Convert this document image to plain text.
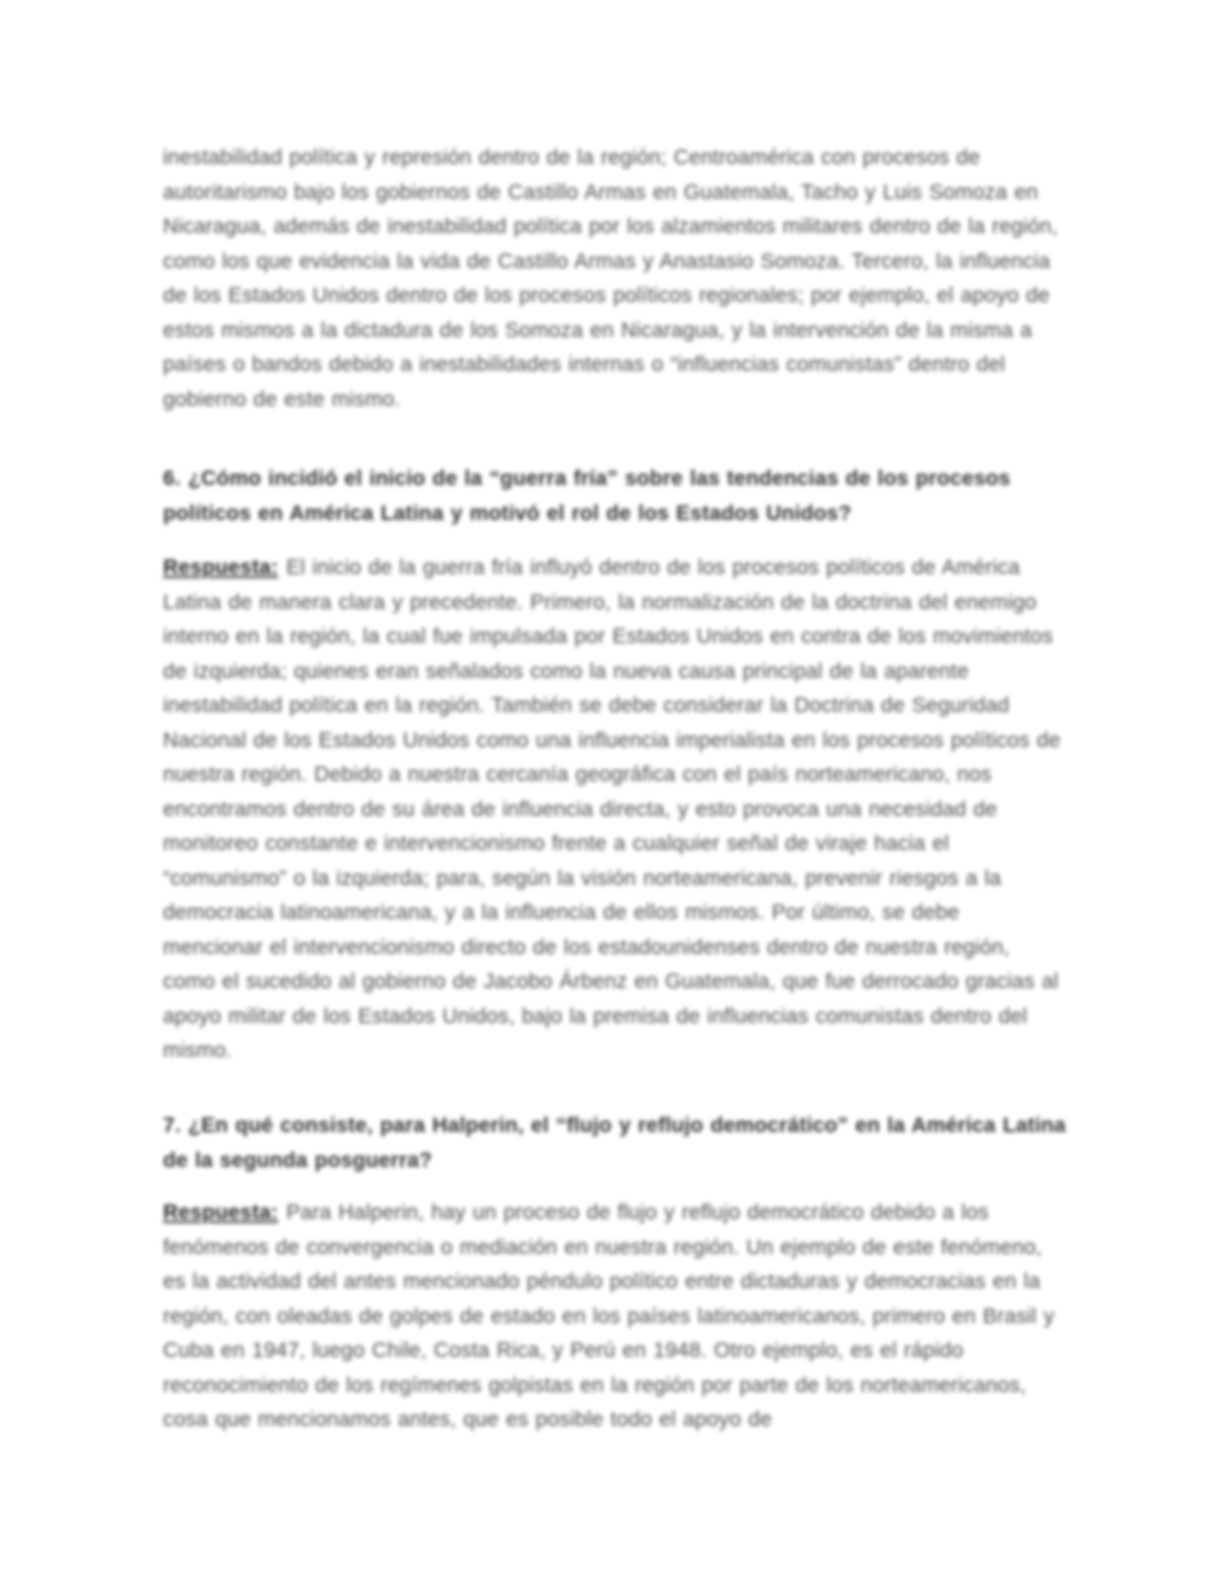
inestabilidad política y represión dentro de la región; Centroamérica con procesos de autoritarismo bajo los gobiernos de Castillo Armas en Guatemala, Tacho y Luis Somoza en Nicaragua, además de inestabilidad política por los alzamientos militares dentro de la región, como los que evidencia la vida de Castillo Armas y Anastasio Somoza. Tercero, la influencia de los Estados Unidos dentro de los procesos políticos regionales; por ejemplo, el apoyo de estos mismos a la dictadura de los Somoza en Nicaragua, y la intervención de la misma a países o bandos debido a inestabilidades internas o “influencias comunistas” dentro del gobierno de este mismo.
6. ¿Cómo incidió el inicio de la “guerra fría” sobre las tendencias de los procesos políticos en América Latina y motivó el rol de los Estados Unidos?
Respuesta: El inicio de la guerra fría influyó dentro de los procesos políticos de América Latina de manera clara y precedente. Primero, la normalización de la doctrina del enemigo interno en la región, la cual fue impulsada por Estados Unidos en contra de los movimientos de izquierda; quienes eran señalados como la nueva causa principal de la aparente inestabilidad política en la región. También se debe considerar la Doctrina de Seguridad Nacional de los Estados Unidos como una influencia imperialista en los procesos políticos de nuestra región. Debido a nuestra cercanía geográfica con el país norteamericano, nos encontramos dentro de su área de influencia directa, y esto provoca una necesidad de monitoreo constante e intervencionismo frente a cualquier señal de viraje hacia el “comunismo” o la izquierda; para, según la visión norteamericana, prevenir riesgos a la democracia latinoamericana, y a la influencia de ellos mismos. Por último, se debe mencionar el intervencionismo directo de los estadounidenses dentro de nuestra región, como el sucedido al gobierno de Jacobo Árbenz en Guatemala, que fue derrocado gracias al apoyo militar de los Estados Unidos, bajo la premisa de influencias comunistas dentro del mismo.
7. ¿En qué consiste, para Halperin, el “flujo y reflujo democrático” en la América Latina de la segunda posguerra?
Respuesta: Para Halperin, hay un proceso de flujo y reflujo democrático debido a los fenómenos de convergencia o mediación en nuestra región. Un ejemplo de este fenómeno, es la actividad del antes mencionado péndulo político entre dictaduras y democracias en la región, con oleadas de golpes de estado en los países latinoamericanos, primero en Brasil y Cuba en 1947, luego Chile, Costa Rica, y Perú en 1948. Otro ejemplo, es el rápido reconocimiento de los regímenes golpistas en la región por parte de los norteamericanos, cosa que mencionamos antes, que es posible todo el apoyo de
